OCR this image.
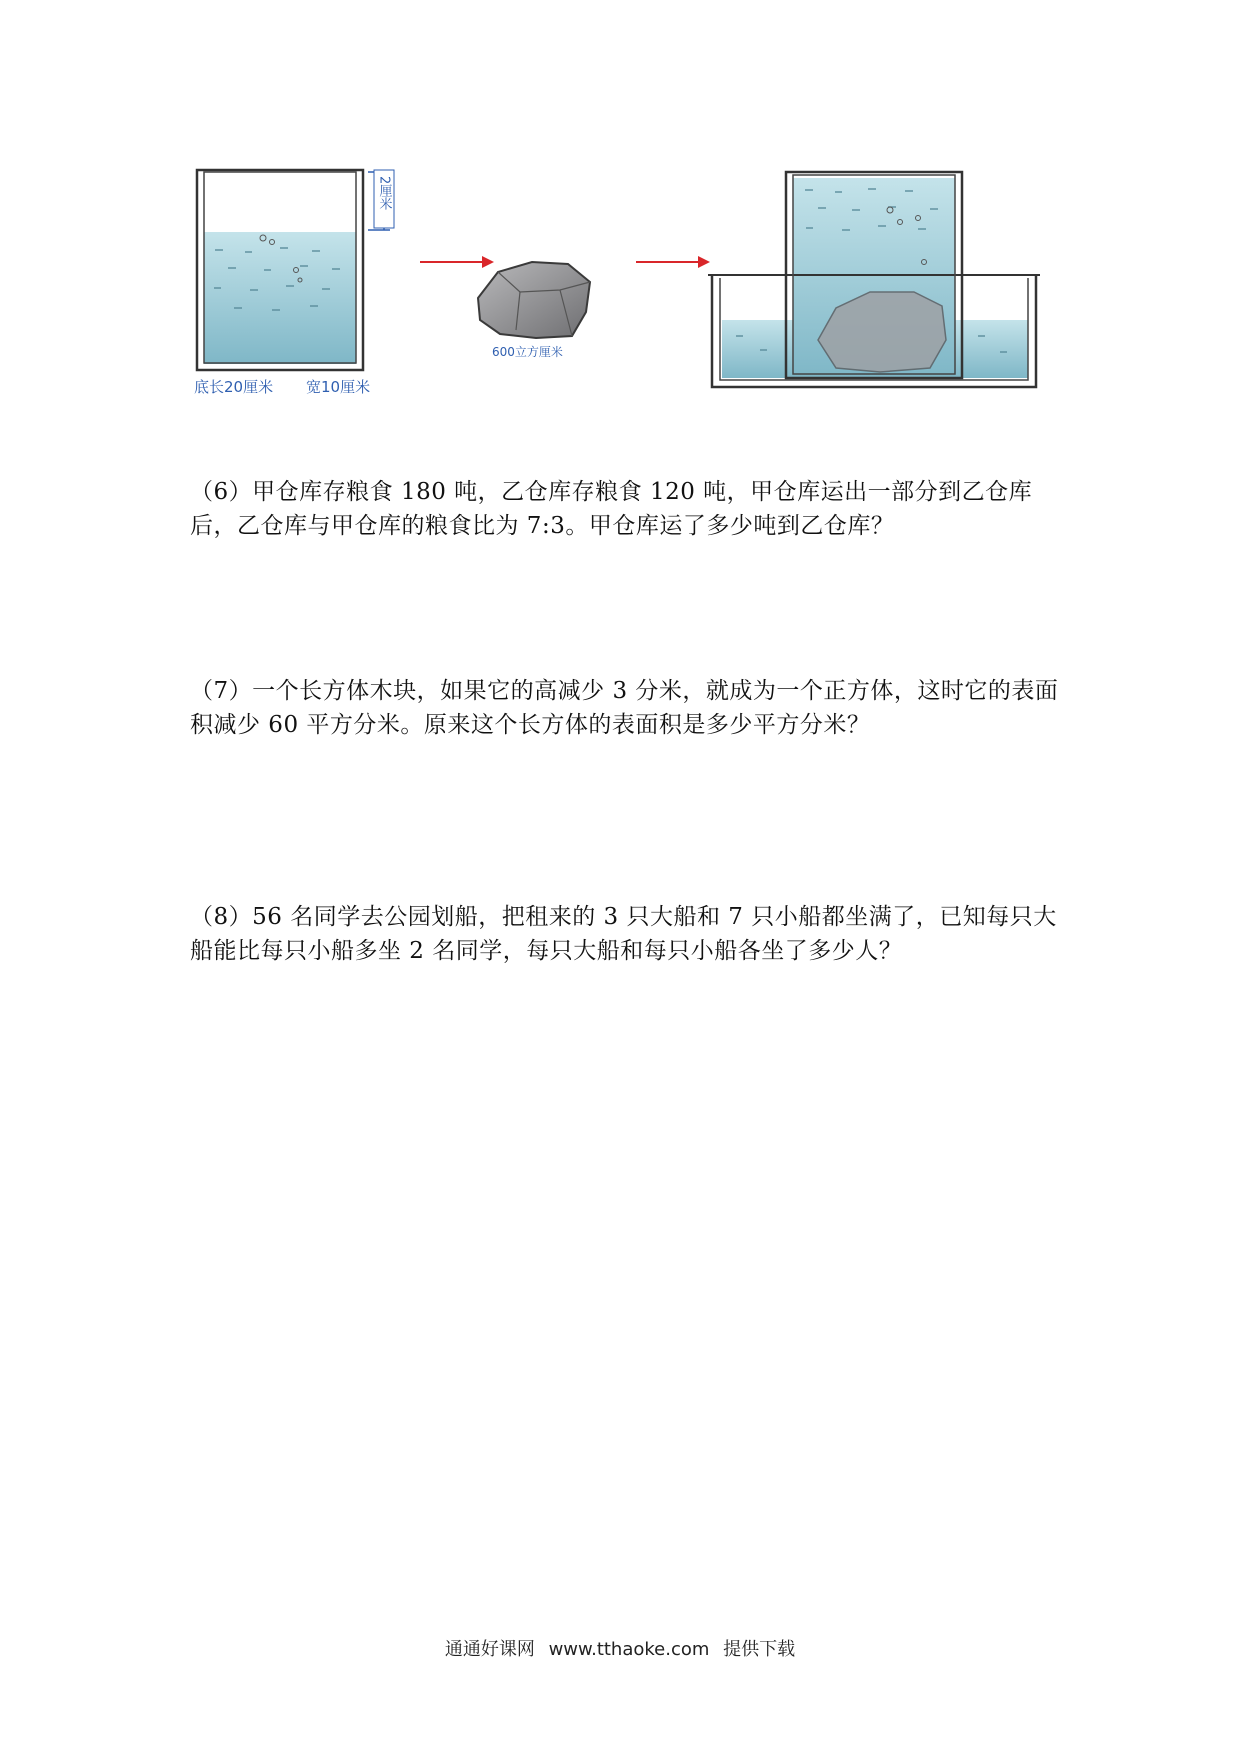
2厘米
底长20厘米 宽10厘米
600立方厘米

（6）甲仓库存粮食 180 吨，乙仓库存粮食 120 吨，甲仓库运出一部分到乙仓库后，乙仓库与甲仓库的粮食比为 7:3。甲仓库运了多少吨到乙仓库？

（7）一个长方体木块，如果它的高减少 3 分米，就成为一个正方体，这时它的表面积减少 60 平方分米。原来这个长方体的表面积是多少平方分米？

（8）56 名同学去公园划船，把租来的 3 只大船和 7 只小船都坐满了，已知每只大船能比每只小船多坐 2 名同学，每只大船和每只小船各坐了多少人？

通通好课网 www.tthaoke.com 提供下载
